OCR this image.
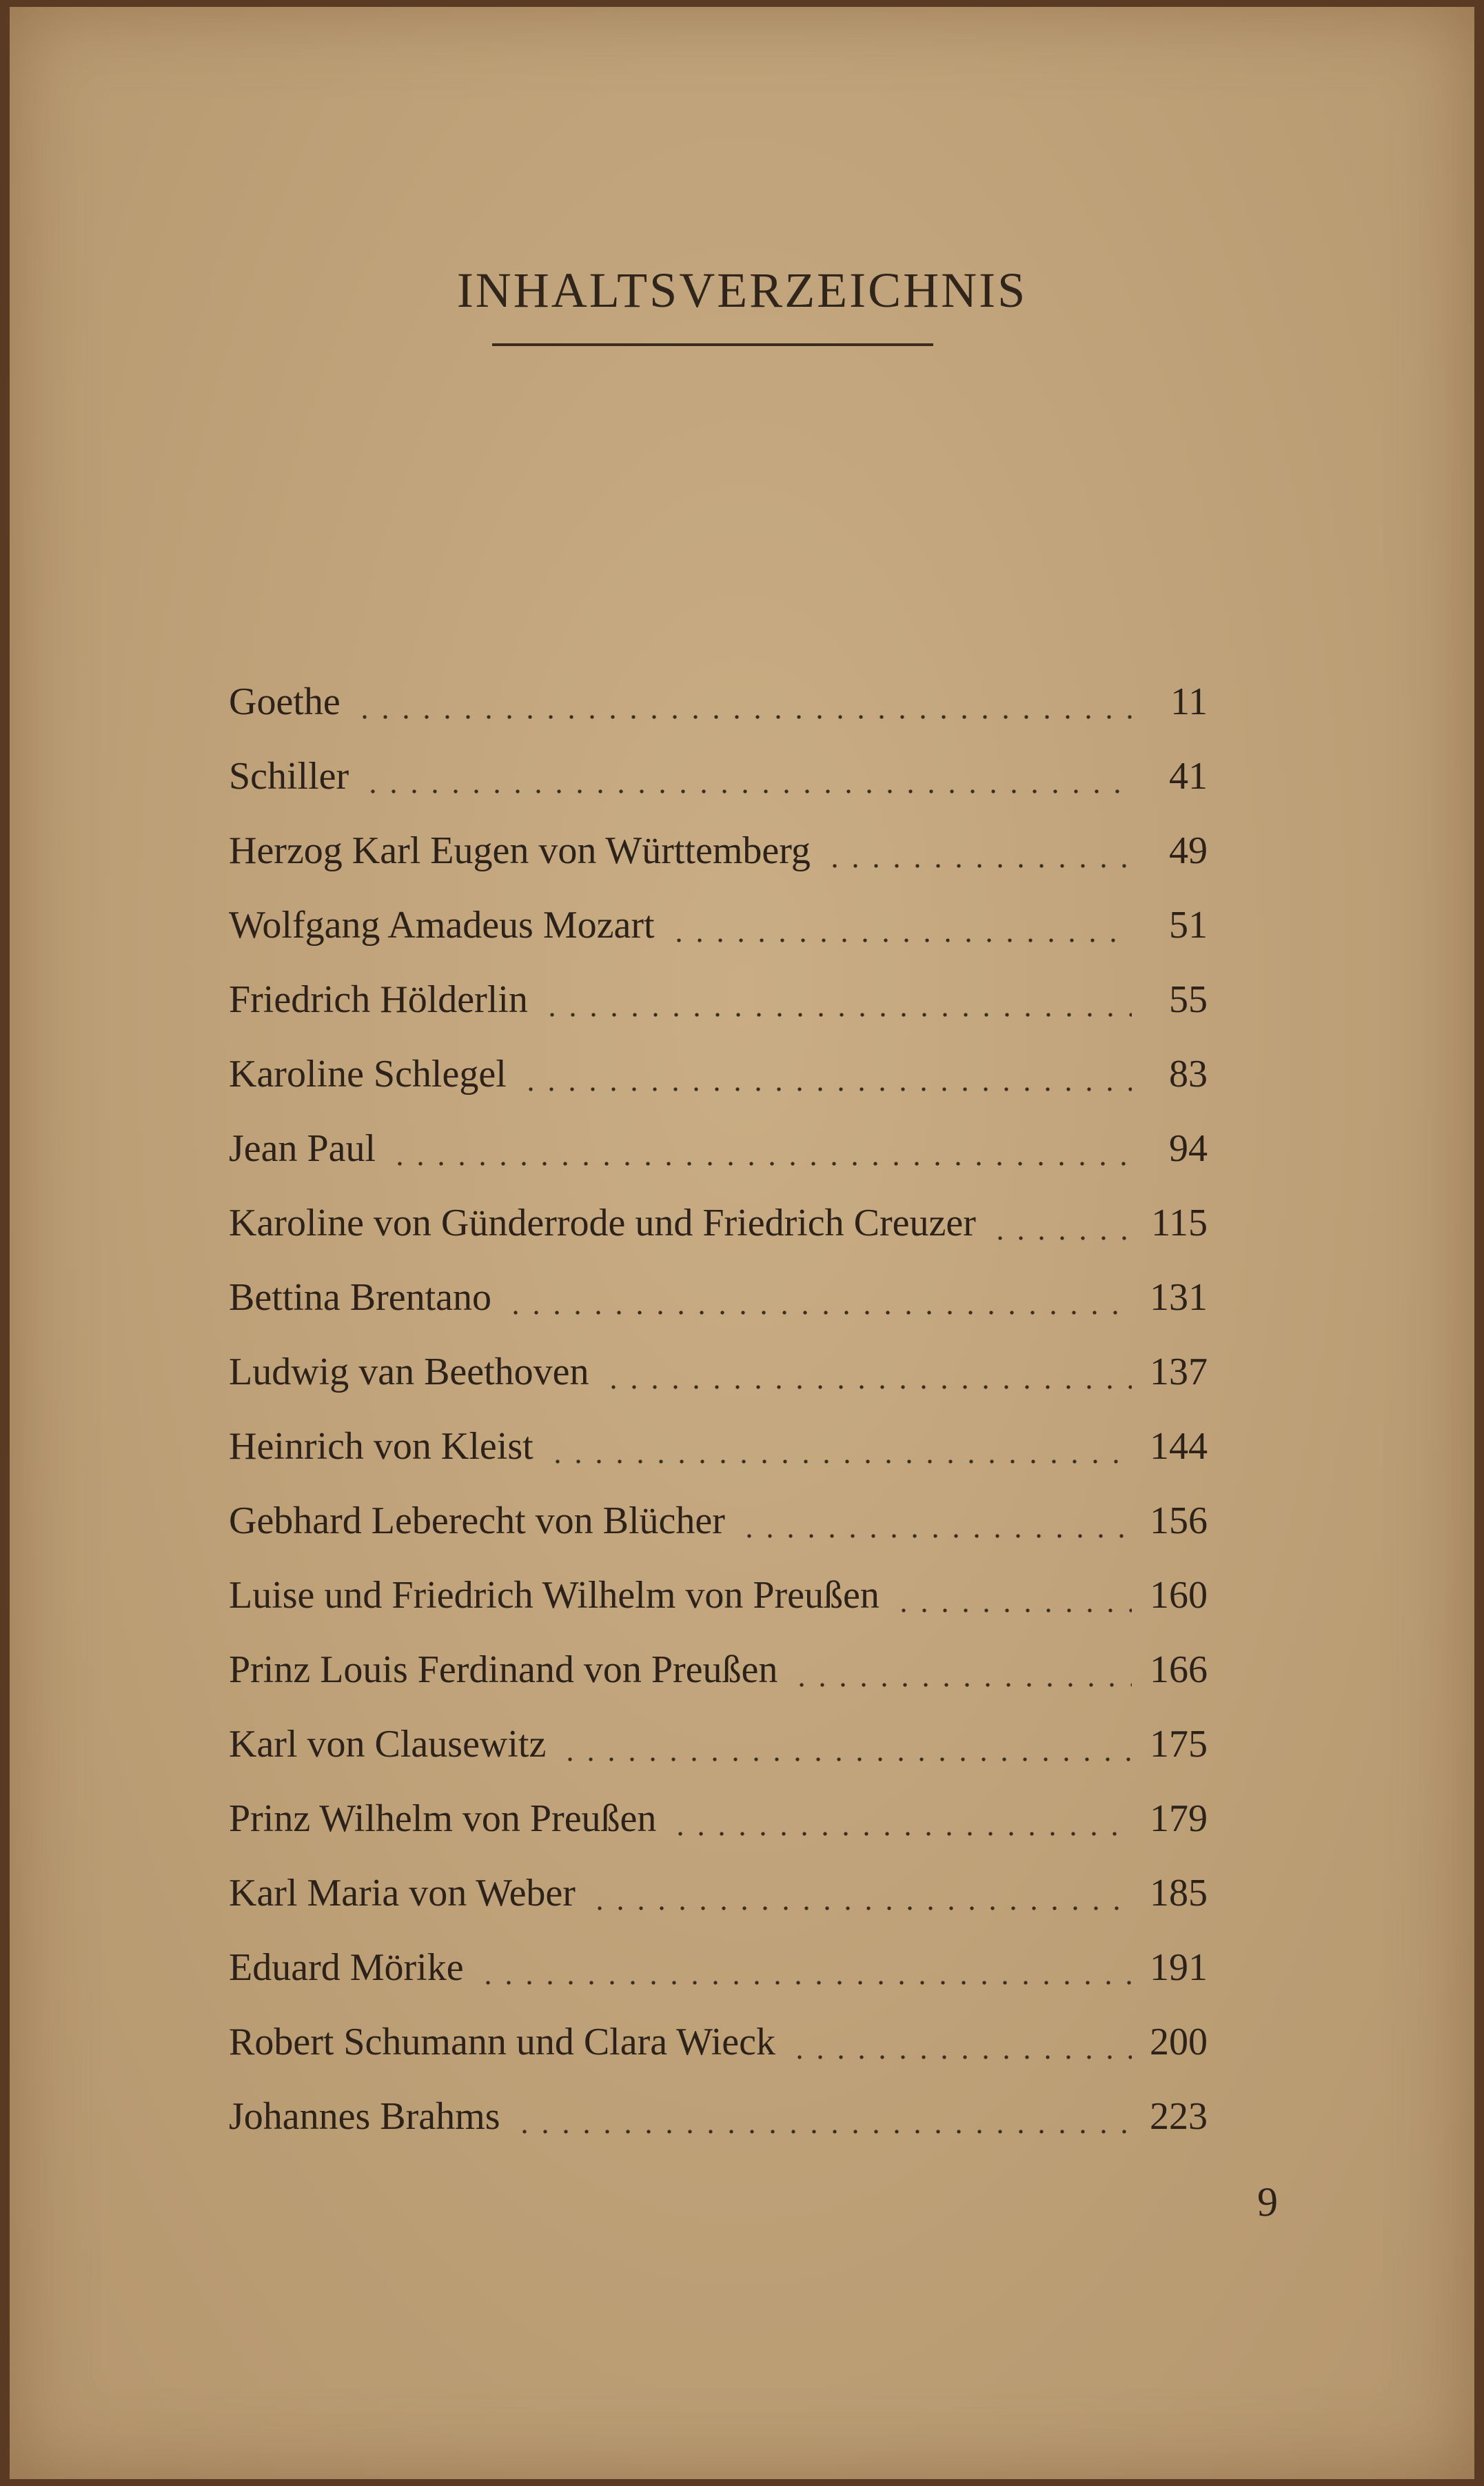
INHALTSVERZEICHNIS
Goethe	11
Schiller	41
Herzog Karl Eugen von Württemberg	49
Wolfgang Amadeus Mozart	51
Friedrich Hölderlin	55
Karoline Schlegel	83
Jean Paul	94
Karoline von Günderrode und Friedrich Creuzer	115
Bettina Brentano	131
Ludwig van Beethoven	137
Heinrich von Kleist	144
Gebhard Leberecht von Blücher	156
Luise und Friedrich Wilhelm von Preußen	160
Prinz Louis Ferdinand von Preußen	166
Karl von Clausewitz	175
Prinz Wilhelm von Preußen	179
Karl Maria von Weber	185
Eduard Mörike	191
Robert Schumann und Clara Wieck	200
Johannes Brahms	223
9
